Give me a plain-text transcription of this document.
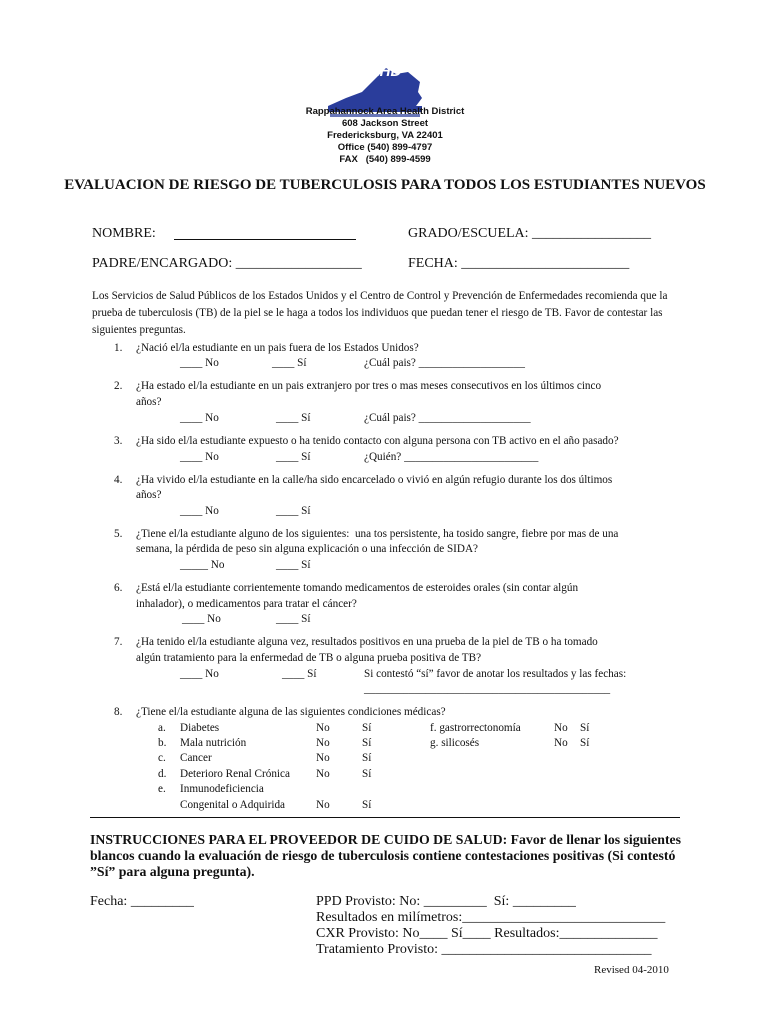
RAHD

Rappahannock Area Health District
608 Jackson Street
Fredericksburg, VA 22401
Office (540) 899-4797
FAX   (540) 899-4599
EVALUACION DE RIESGO DE TUBERCULOSIS PARA TODOS LOS ESTUDIANTES NUEVOS
NOMBRE:	GRADO/ESCUELA: _________________
PADRE/ENCARGADO: __________________	FECHA: ________________________
Los Servicios de Salud Públicos de los Estados Unidos y el Centro de Control y Prevención de Enfermedades recomienda que la prueba de tuberculosis (TB) de la piel se le haga a todos los individuos que puedan tener el riesgo de TB. Favor de contestar las siguientes preguntas.
1. ¿Nació el/la estudiante en un pais fuera de los Estados Unidos?
____ No	____ Sí	¿Cuál pais? ___________________
2. ¿Ha estado el/la estudiante en un pais extranjero por tres o mas meses consecutivos en los últimos cinco
años?
____ No	____ Sí	¿Cuál pais? ____________________
3. ¿Ha sido el/la estudiante expuesto o ha tenido contacto con alguna persona con TB activo en el año pasado?
____ No	____ Sí	¿Quién? ________________________
4. ¿Ha vivido el/la estudiante en la calle/ha sido encarcelado o vivió en algún refugio durante los dos últimos
años?
____ No	____ Sí
5. ¿Tiene el/la estudiante alguno de los siguientes:  una tos persistente, ha tosido sangre, fiebre por mas de una
semana, la pérdida de peso sin alguna explicación o una infección de SIDA?
_____ No	____ Sí
6. ¿Está el/la estudiante corrientemente tomando medicamentos de esteroides orales (sin contar algún
inhalador), o medicamentos para tratar el cáncer?
____ No	____ Sí
7. ¿Ha tenido el/la estudiante alguna vez, resultados positivos en una prueba de la piel de TB o ha tomado
algún tratamiento para la enfermedad de TB o alguna prueba positiva de TB?
____ No	____ Sí	Si contestó “sí” favor de anotar los resultados y las fechas:
____________________________________________
8. ¿Tiene el/la estudiante alguna de las siguientes condiciones médicas?
a. Diabetes	No	Sí
b. Mala nutrición	No	Sí
c. Cancer	No	Sí
d. Deterioro Renal Crónica No	Sí
e. Inmunodeficiencia
Congenital o Adquirida	No	Sí
f. gastrorrectonomía	No Sí
g. silicosés	No Sí
INSTRUCCIONES PARA EL PROVEEDOR DE CUIDO DE SALUD: Favor de llenar los siguientes blancos cuando la evaluación de riesgo de tuberculosis contiene contestaciones positivas (Si contestó ”Sí” para alguna pregunta).
Fecha: _________	PPD Provisto: No: _________  Sí: _________
Resultados en milímetros:_____________________________
CXR Provisto: No____ Sí____ Resultados:______________
Tratamiento Provisto: ______________________________
Revised 04-2010
